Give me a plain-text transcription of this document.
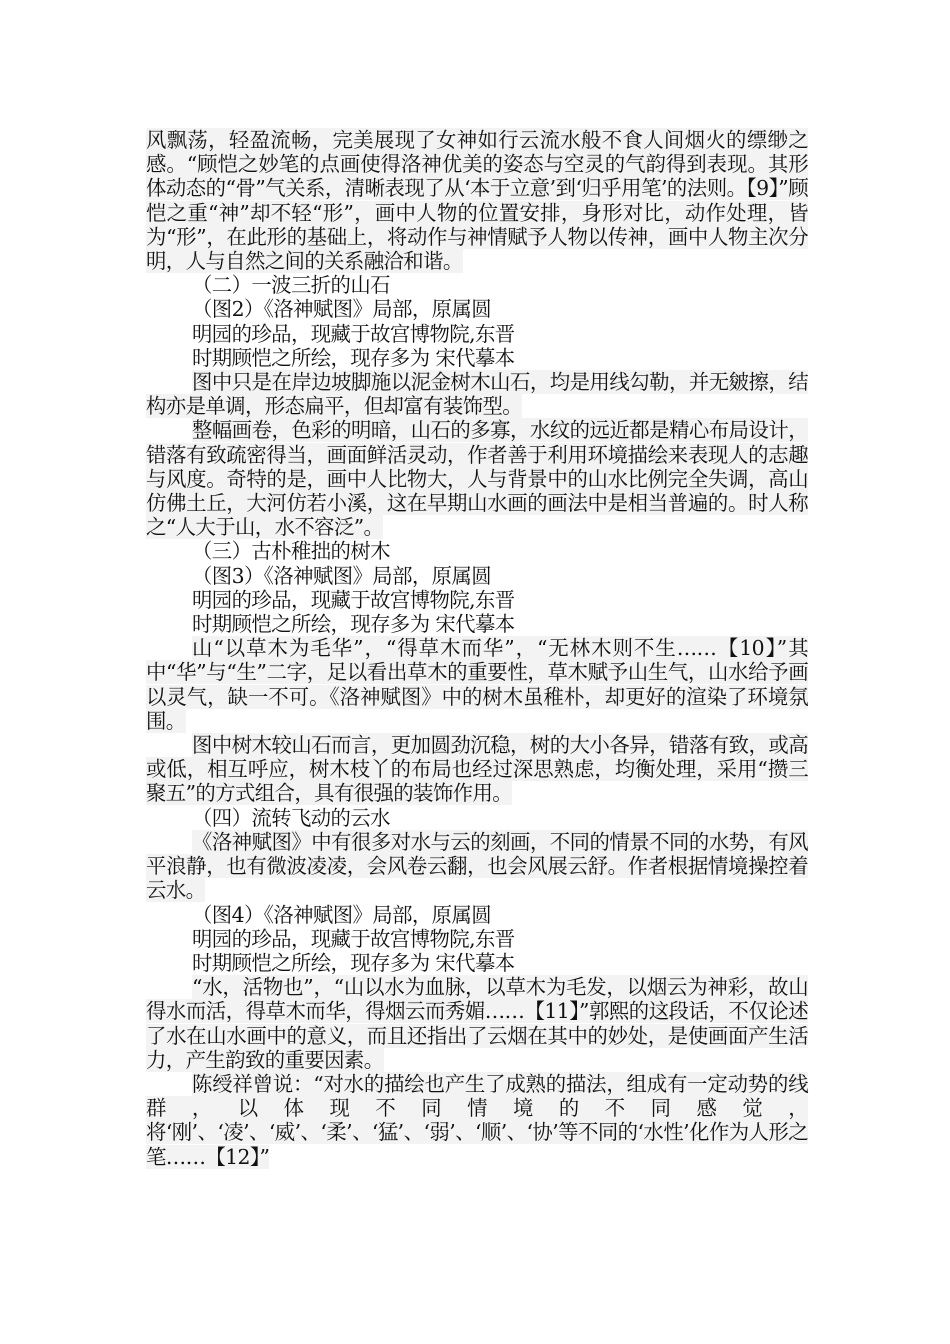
风飘荡，轻盈流畅，完美展现了女神如行云流水般不食人间烟火的缥缈之感。“顾恺之妙笔的点画使得洛神优美的姿态与空灵的气韵得到表现。其形体动态的“骨”气关系，清晰表现了从‘本于立意’到‘归乎用笔’的法则。【9】”顾恺之重“神”却不轻“形”，画中人物的位置安排，身形对比，动作处理，皆为“形”，在此形的基础上，将动作与神情赋予人物以传神，画中人物主次分明，人与自然之间的关系融洽和谐。

（二）一波三折的山石

（图2）《洛神赋图》局部，原属圆

明园的珍品，现藏于故宫博物院,东晋

时期顾恺之所绘，现存多为 宋代摹本

图中只是在岸边坡脚施以泥金树木山石，均是用线勾勒，并无皴擦，结构亦是单调，形态扁平，但却富有装饰型。

整幅画卷，色彩的明暗，山石的多寡，水纹的远近都是精心布局设计，错落有致疏密得当，画面鲜活灵动，作者善于利用环境描绘来表现人的志趣与风度。奇特的是，画中人比物大，人与背景中的山水比例完全失调，高山仿佛土丘，大河仿若小溪，这在早期山水画的画法中是相当普遍的。时人称之“人大于山，水不容泛”。

（三）古朴稚拙的树木

（图3）《洛神赋图》局部，原属圆

明园的珍品，现藏于故宫博物院,东晋

时期顾恺之所绘，现存多为 宋代摹本

山“以草木为毛华”，“得草木而华”，“无林木则不生……【10】”其中“华”与“生”二字，足以看出草木的重要性，草木赋予山生气，山水给予画以灵气，缺一不可。《洛神赋图》中的树木虽稚朴，却更好的渲染了环境氛围。

图中树木较山石而言，更加圆劲沉稳，树的大小各异，错落有致，或高或低，相互呼应，树木枝丫的布局也经过深思熟虑，均衡处理，采用“攒三聚五”的方式组合，具有很强的装饰作用。

（四）流转飞动的云水

《洛神赋图》中有很多对水与云的刻画，不同的情景不同的水势，有风平浪静，也有微波凌凌，会风卷云翻，也会风展云舒。作者根据情境操控着云水。

（图4）《洛神赋图》局部，原属圆

明园的珍品，现藏于故宫博物院,东晋

时期顾恺之所绘，现存多为 宋代摹本

“水，活物也”，“山以水为血脉，以草木为毛发，以烟云为神彩，故山得水而活，得草木而华，得烟云而秀媚……【11】”郭熙的这段话，不仅论述了水在山水画中的意义，而且还指出了云烟在其中的妙处，是使画面产生活力，产生韵致的重要因素。

陈绶祥曾说：“对水的描绘也产生了成熟的描法，组成有一定动势的线群，以体现不同情境的不同感觉，将‘刚’、‘凌’、‘威’、‘柔’、‘猛’、‘弱’、‘顺’、‘协’等不同的‘水性’化作为人形之笔……【12】”
